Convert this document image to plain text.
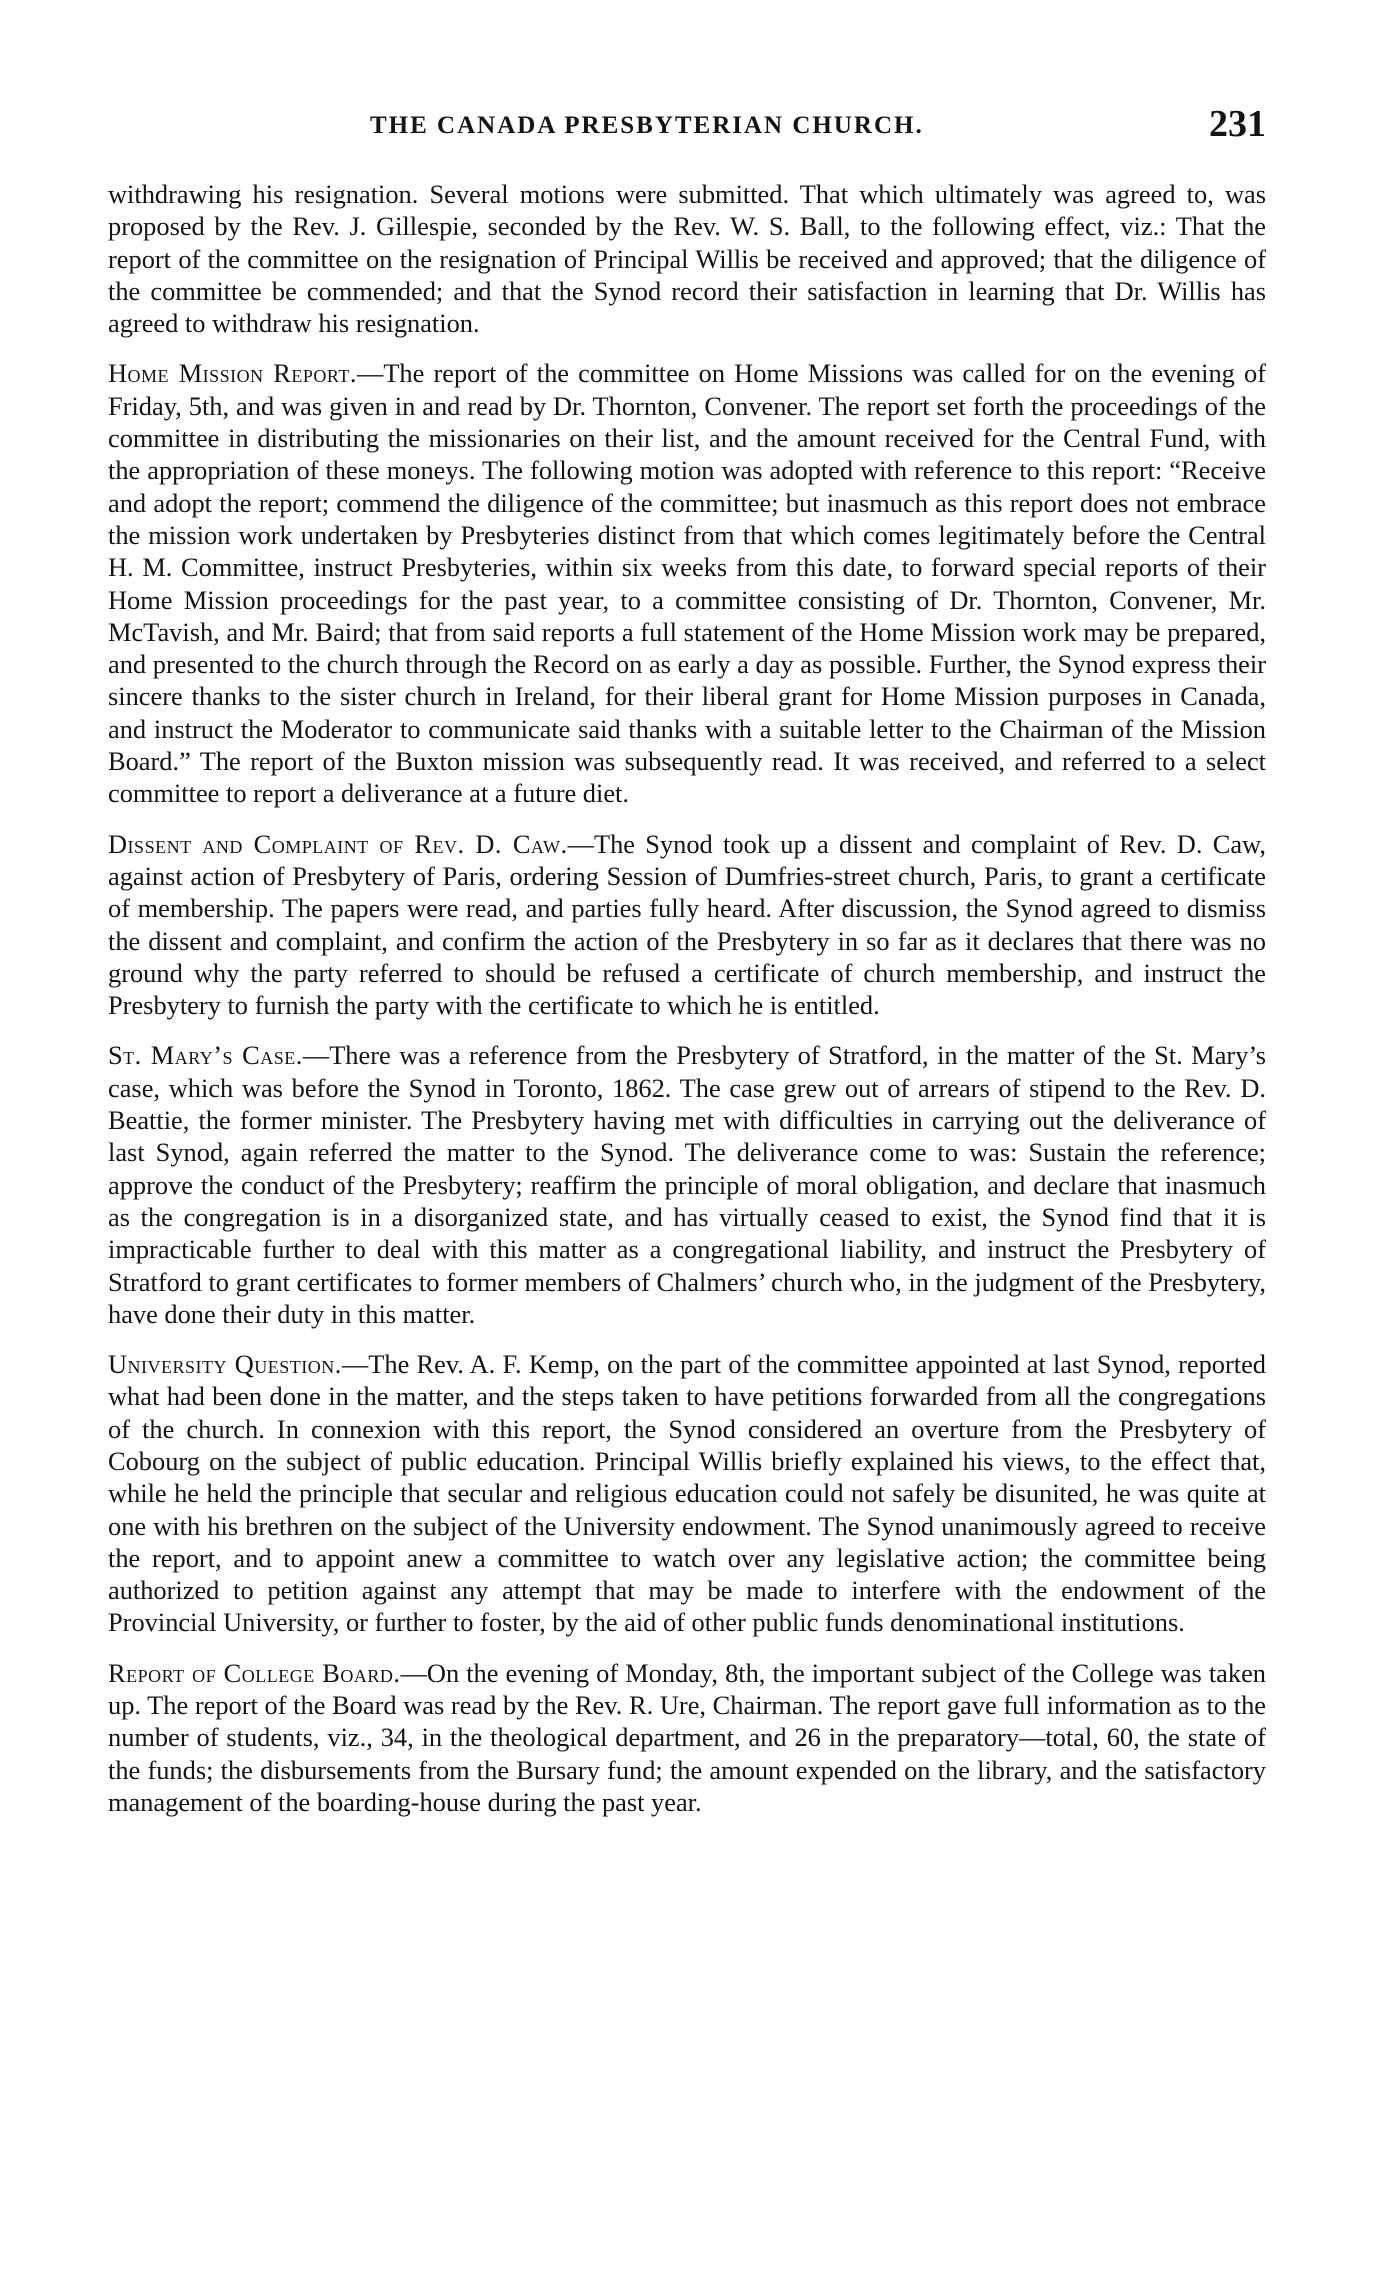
THE CANADA PRESBYTERIAN CHURCH.	231

withdrawing his resignation. Several motions were submitted. That which ultimately was agreed to, was proposed by the Rev. J. Gillespie, seconded by the Rev. W. S. Ball, to the following effect, viz.: That the report of the committee on the resignation of Principal Willis be received and approved; that the diligence of the committee be commended; and that the Synod record their satisfaction in learning that Dr. Willis has agreed to withdraw his resignation.

Home Mission Report.—The report of the committee on Home Missions was called for on the evening of Friday, 5th, and was given in and read by Dr. Thornton, Convener. The report set forth the proceedings of the committee in distributing the missionaries on their list, and the amount received for the Central Fund, with the appropriation of these moneys. The following motion was adopted with reference to this report: “Receive and adopt the report; commend the diligence of the committee; but inasmuch as this report does not embrace the mission work undertaken by Presbyteries distinct from that which comes legitimately before the Central H. M. Committee, instruct Presbyteries, within six weeks from this date, to forward special reports of their Home Mission proceedings for the past year, to a committee consisting of Dr. Thornton, Convener, Mr. McTavish, and Mr. Baird; that from said reports a full statement of the Home Mission work may be prepared, and presented to the church through the Record on as early a day as possible. Further, the Synod express their sincere thanks to the sister church in Ireland, for their liberal grant for Home Mission purposes in Canada, and instruct the Moderator to communicate said thanks with a suitable letter to the Chairman of the Mission Board.” The report of the Buxton mission was subsequently read. It was received, and referred to a select committee to report a deliverance at a future diet.

Dissent and Complaint of Rev. D. Caw.—The Synod took up a dissent and complaint of Rev. D. Caw, against action of Presbytery of Paris, ordering Session of Dumfries-street church, Paris, to grant a certificate of membership. The papers were read, and parties fully heard. After discussion, the Synod agreed to dismiss the dissent and complaint, and confirm the action of the Presbytery in so far as it declares that there was no ground why the party referred to should be refused a certificate of church membership, and instruct the Presbytery to furnish the party with the certificate to which he is entitled.

St. Mary’s Case.—There was a reference from the Presbytery of Stratford, in the matter of the St. Mary’s case, which was before the Synod in Toronto, 1862. The case grew out of arrears of stipend to the Rev. D. Beattie, the former minister. The Presbytery having met with difficulties in carrying out the deliverance of last Synod, again referred the matter to the Synod. The deliverance come to was: Sustain the reference; approve the conduct of the Presbytery; reaffirm the principle of moral obligation, and declare that inasmuch as the congregation is in a disorganized state, and has virtually ceased to exist, the Synod find that it is impracticable further to deal with this matter as a congregational liability, and instruct the Presbytery of Stratford to grant certificates to former members of Chalmers’ church who, in the judgment of the Presbytery, have done their duty in this matter.

University Question.—The Rev. A. F. Kemp, on the part of the committee appointed at last Synod, reported what had been done in the matter, and the steps taken to have petitions forwarded from all the congregations of the church. In connexion with this report, the Synod considered an overture from the Presbytery of Cobourg on the subject of public education. Principal Willis briefly explained his views, to the effect that, while he held the principle that secular and religious education could not safely be disunited, he was quite at one with his brethren on the subject of the University endowment. The Synod unanimously agreed to receive the report, and to appoint anew a committee to watch over any legislative action; the committee being authorized to petition against any attempt that may be made to interfere with the endowment of the Provincial University, or further to foster, by the aid of other public funds denominational institutions.

Report of College Board.—On the evening of Monday, 8th, the important subject of the College was taken up. The report of the Board was read by the Rev. R. Ure, Chairman. The report gave full information as to the number of students, viz., 34, in the theological department, and 26 in the preparatory—total, 60, the state of the funds; the disbursements from the Bursary fund; the amount expended on the library, and the satisfactory management of the boarding-house during the past year.
